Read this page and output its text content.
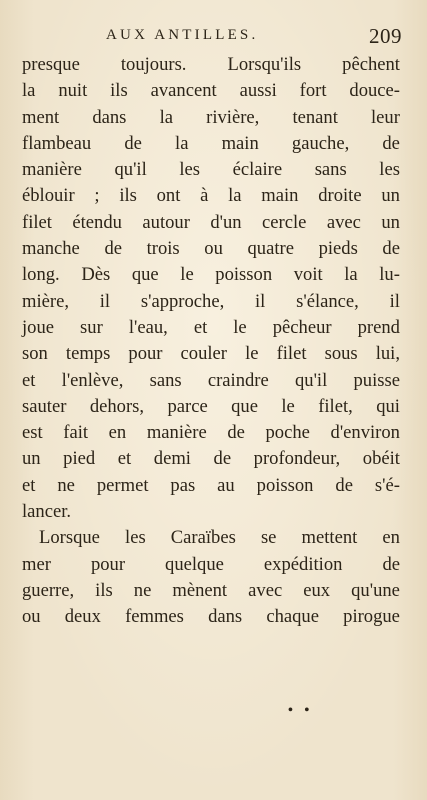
AUX ANTILLES.	209
presque toujours. Lorsqu'ils pêchent
la nuit ils avancent aussi fort douce-
ment dans la rivière, tenant leur
flambeau de la main gauche, de
manière qu'il les éclaire sans les
éblouir ; ils ont à la main droite un
filet étendu autour d'un cercle avec un
manche de trois ou quatre pieds de
long. Dès que le poisson voit la lu-
mière, il s'approche, il s'élance, il
joue sur l'eau, et le pêcheur prend
son temps pour couler le filet sous lui,
et l'enlève, sans craindre qu'il puisse
sauter dehors, parce que le filet, qui
est fait en manière de poche d'environ
un pied et demi de profondeur, obéit
et ne permet pas au poisson de s'é-
lancer.
Lorsque les Caraïbes se mettent en
mer pour quelque expédition de
guerre, ils ne mènent avec eux qu'une
ou deux femmes dans chaque pirogue
• •
